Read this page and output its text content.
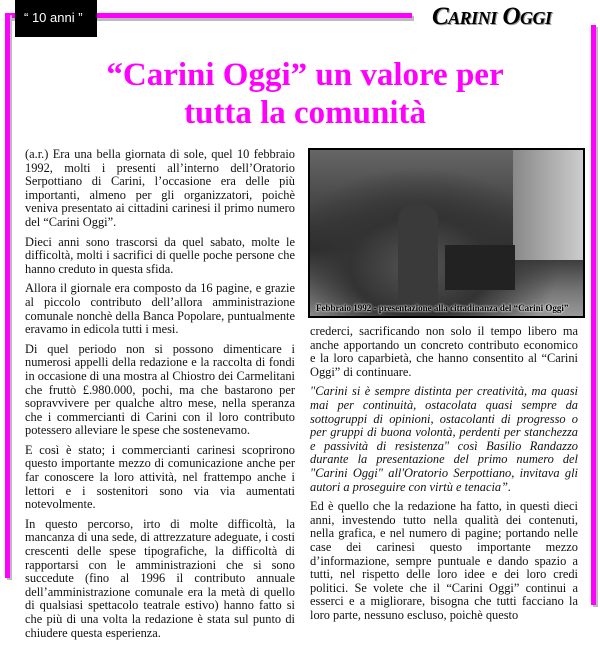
“ 10 anni ”	Carini Oggi
“Carini Oggi” un valore per
tutta la comunità

(a.r.) Era una bella giornata di sole, quel 10 febbraio 1992, molti i presenti all’interno dell’Oratorio Serpottiano di Carini, l’occasione era delle più importanti, almeno per gli organizzatori, poichè veniva presentato ai cittadini carinesi il primo numero del “Carini Oggi”.

Dieci anni sono trascorsi da quel sabato, molte le difficoltà, molti i sacrifici di quelle poche persone che hanno creduto in questa sfida.

Allora il giornale era composto da 16 pagine, e grazie al piccolo contributo dell’allora amministrazione comunale nonchè della Banca Popolare, puntualmente eravamo in edicola tutti i mesi.

Di quel periodo non si possono dimenticare i numerosi appelli della redazione e la raccolta di fondi in occasione di una mostra al Chiostro dei Carmelitani che fruttò £.980.000, pochi, ma che bastarono per sopravvivere per qualche altro mese, nella speranza che i commercianti di Carini con il loro contributo potessero alleviare le spese che sostenevamo.

E così è stato; i commercianti carinesi scoprirono questo importante mezzo di comunicazione anche per far conoscere la loro attività, nel frattempo anche i lettori e i sostenitori sono via via aumentati notevolmente.

In questo percorso, irto di molte difficoltà, la mancanza di una sede, di attrezzature adeguate, i costi crescenti delle spese tipografiche, la difficoltà di rapportarsi con le amministrazioni che si sono succedute (fino al 1996 il contributo annuale dell’amministrazione comunale era la metà di quello di qualsiasi spettacolo teatrale estivo) hanno fatto si che più di una volta la redazione è stata sul punto di chiudere questa esperienza.

Febbraio 1992 - presentazione alla cittadinanza del “Carini Oggi”

crederci, sacrificando non solo il tempo libero ma anche apportando un concreto contributo economico e la loro caparbietà, che hanno consentito al “Carini Oggi” di continuare.

"Carini si è sempre distinta per creatività, ma quasi mai per continuità, ostacolata quasi sempre da sottogruppi di opinioni, ostacolanti di progresso o per gruppi di buona volontà, perdenti per stanchezza e passività di resistenza" così Basilio Randazzo durante la presentazione del primo numero del "Carini Oggi" all'Oratorio Serpottiano, invitava gli autori a proseguire con virtù e tenacia”.

Ed è quello che la redazione ha fatto, in questi dieci anni, investendo tutto nella qualità dei contenuti, nella grafica, e nel numero di pagine; portando nelle case dei carinesi questo importante mezzo d’informazione, sempre puntuale e dando spazio a tutti, nel rispetto delle loro idee e dei loro credi politici. Se volete che il “Carini Oggi” continui a esserci e a migliorare, bisogna che tutti facciano la loro parte, nessuno escluso, poichè questo
